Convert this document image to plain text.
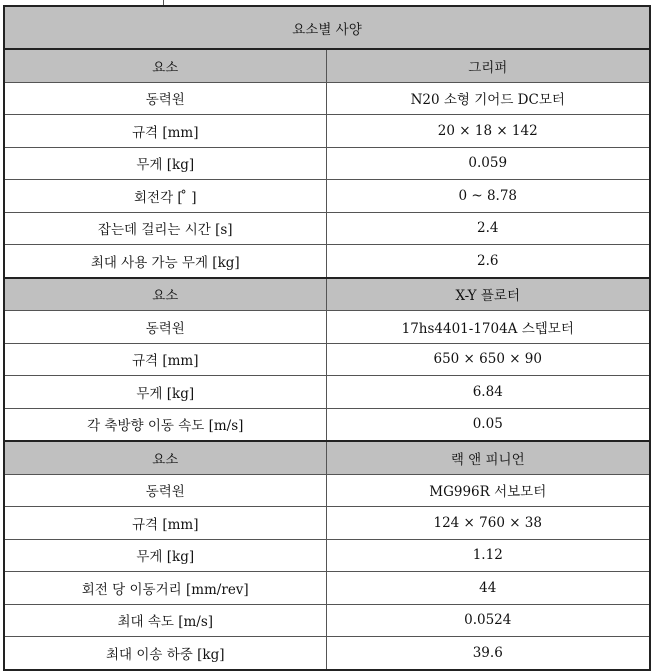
요소별 사양	
요소	그리퍼
동력원	N20 소형 기어드 DC모터
규격 [mm]	20 × 18 × 142
무게 [kg]	0.059
회전각 [ ̊ ]	0 ~ 8.78
잡는데 걸리는 시간 [s]	2.4
최대 사용 가능 무게 [kg]	2.6
요소	X-Y 플로터
동력원	17hs4401-1704A 스텝모터
규격 [mm]	650 × 650 × 90
무게 [kg]	6.84
각 축방향 이동 속도 [m/s]	0.05
요소	랙 앤 피니언
동력원	MG996R 서보모터
규격 [mm]	124 × 760 × 38
무게 [kg]	1.12
회전 당 이동거리 [mm/rev]	44
최대 속도 [m/s]	0.0524
최대 이송 하중 [kg]	39.6
